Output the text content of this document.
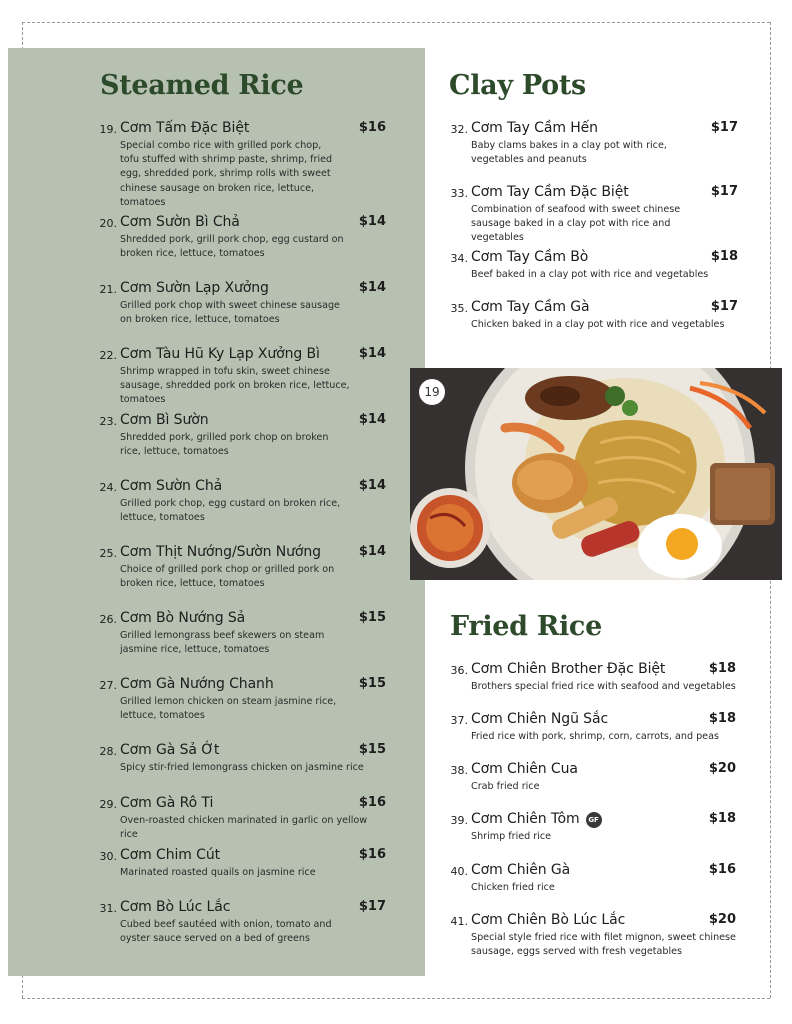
Steamed Rice
19. Cơm Tấm Đặc Biệt	$16
Special combo rice with grilled pork chop, tofu stuffed with shrimp paste, shrimp, fried egg, shredded pork, shrimp rolls with sweet chinese sausage on broken rice, lettuce, tomatoes
20. Cơm Sườn Bì Chả	$14
Shredded pork, grill pork chop, egg custard on broken rice, lettuce, tomatoes
21. Cơm Sườn Lạp Xưởng	$14
Grilled pork chop with sweet chinese sausage on broken rice, lettuce, tomatoes
22. Cơm Tàu Hũ Ky Lạp Xưởng Bì	$14
Shrimp wrapped in tofu skin, sweet chinese sausage, shredded pork on broken rice, lettuce, tomatoes
23. Cơm Bì Sườn	$14
Shredded pork, grilled pork chop on broken rice, lettuce, tomatoes
24. Cơm Sườn Chả	$14
Grilled pork chop, egg custard on broken rice, lettuce, tomatoes
25. Cơm Thịt Nướng/Sườn Nướng	$14
Choice of grilled pork chop or grilled pork on broken rice, lettuce, tomatoes
26. Cơm Bò Nướng Sả	$15
Grilled lemongrass beef skewers on steam jasmine rice, lettuce, tomatoes
27. Cơm Gà Nướng Chanh	$15
Grilled lemon chicken on steam jasmine rice, lettuce, tomatoes
28. Cơm Gà Sả Ớt	$15
Spicy stir-fried lemongrass chicken on jasmine rice
29. Cơm Gà Rô Ti	$16
Oven-roasted chicken marinated in garlic on yellow rice
30. Cơm Chim Cút	$16
Marinated roasted quails on jasmine rice
31. Cơm Bò Lúc Lắc	$17
Cubed beef sautéed with onion, tomato and oyster sauce served on a bed of greens
Clay Pots
32. Cơm Tay Cầm Hến	$17
Baby clams bakes in a clay pot with rice, vegetables and peanuts
33. Cơm Tay Cầm Đặc Biệt	$17
Combination of seafood with sweet chinese sausage baked in a clay pot with rice and vegetables
34. Cơm Tay Cầm Bò	$18
Beef baked in a clay pot with rice and vegetables
35. Cơm Tay Cầm Gà	$17
Chicken baked in a clay pot with rice and vegetables
19
Fried Rice
36. Cơm Chiên Brother Đặc Biệt	$18
Brothers special fried rice with seafood and vegetables
37. Cơm Chiên Ngũ Sắc	$18
Fried rice with pork, shrimp, corn, carrots, and peas
38. Cơm Chiên Cua	$20
Crab fried rice
39. Cơm Chiên Tôm GF	$18
Shrimp fried rice
40. Cơm Chiên Gà	$16
Chicken fried rice
41. Cơm Chiên Bò Lúc Lắc	$20
Special style fried rice with filet mignon, sweet chinese sausage, eggs served with fresh vegetables
